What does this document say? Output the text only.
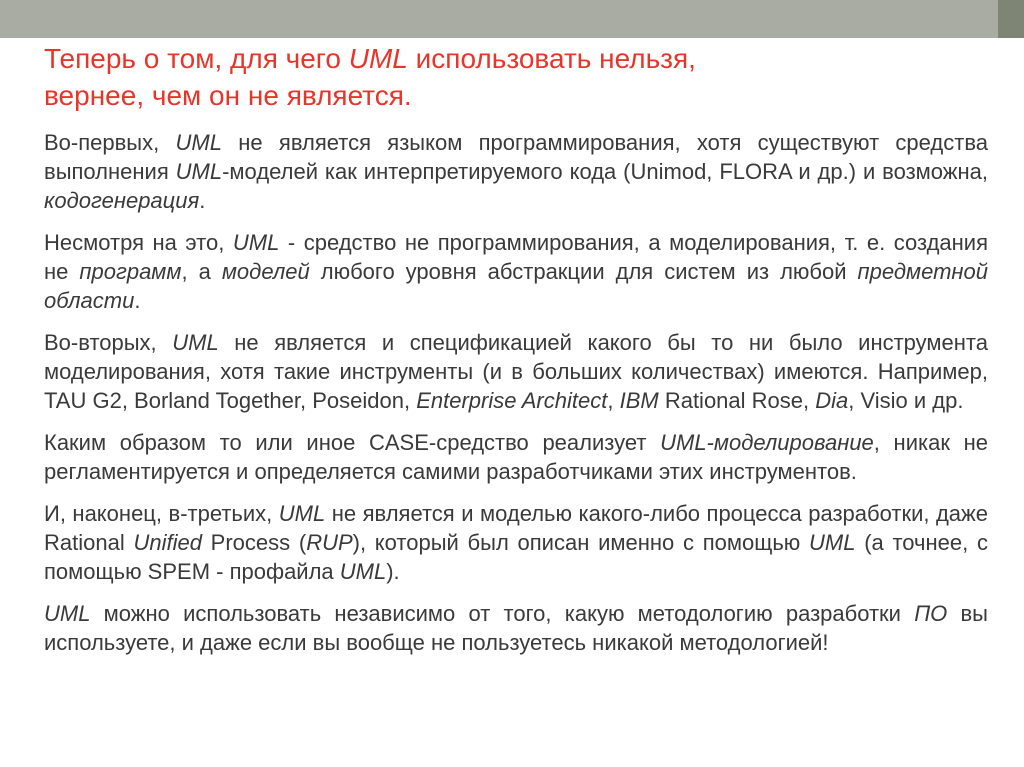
Теперь о том, для чего UML использовать нельзя,
вернее, чем он не является.

Во-первых, UML не является языком программирования, хотя существуют средства выполнения UML-моделей как интерпретируемого кода (Unimod, FLORA и др.) и возможна, кодогенерация.

Несмотря на это, UML - средство не программирования, а моделирования, т. е. создания не программ, а моделей любого уровня абстракции для систем из любой предметной области.

Во-вторых, UML не является и спецификацией какого бы то ни было инструмента моделирования, хотя такие инструменты (и в больших количествах) имеются. Например, TAU G2, Borland Together, Poseidon, Enterprise Architect, IBM Rational Rose, Dia, Visio и др.

Каким образом то или иное CASE-средство реализует UML-моделирование, никак не регламентируется и определяется самими разработчиками этих инструментов.

И, наконец, в-третьих, UML не является и моделью какого-либо процесса разработки, даже Rational Unified Process (RUP), который был описан именно с помощью UML (а точнее, с помощью SPEM - профайла UML).

UML можно использовать независимо от того, какую методологию разработки ПО вы используете, и даже если вы вообще не пользуетесь никакой методологией!
